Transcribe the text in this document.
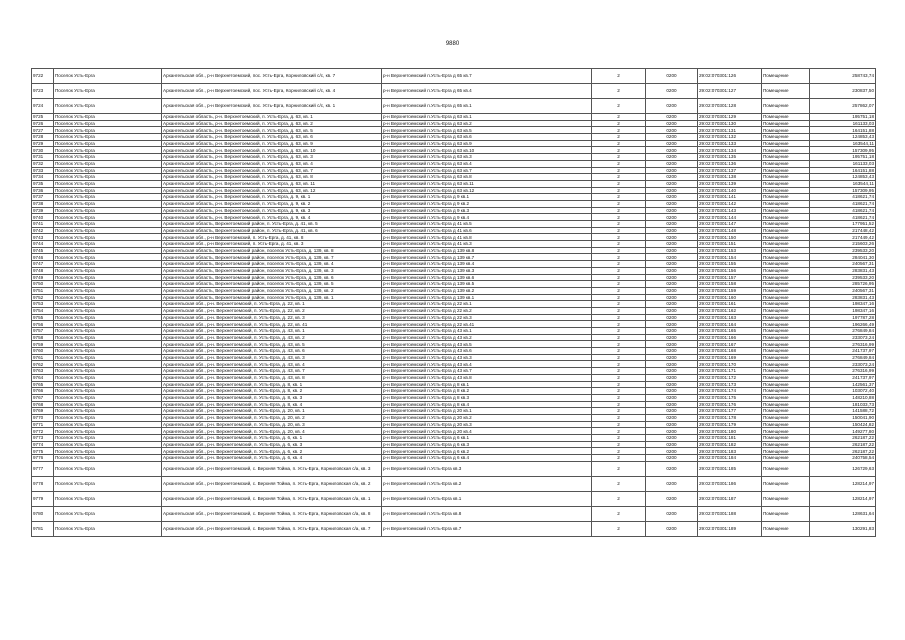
9880
9722	Поселок Усть-Ерга	Архангельская обл., р-н Верхнетоемский, пос. Усть-Ерга, Корниловский с/с, кв. 7	р-н Верхнетоемский п.Усть-Ерга д 65 кв.7	2	0200	29:02:070301:126	Помещение	258743,74
9723	Поселок Усть-Ерга	Архангельская обл., р-н Верхнетоемский, пос. Усть-Ерга, Корниловский с/с, кв. 4	р-н Верхнетоемский п.Усть-Ерга д 65 кв.4	2	0200	29:02:070301:127	Помещение	230837,50
9724	Поселок Усть-Ерга	Архангельская обл., р-н Верхнетоемский, пос. Усть-Ерга, Корниловский с/с, кв. 1	р-н Верхнетоемский п.Усть-Ерга д 65 кв.1	2	0200	29:02:070301:128	Помещение	257862,07
9725	Поселок Усть-Ерга	Архангельская область, р-н. Верхнетоемский, п. Усть-Ерга, д. 63, кв. 1	р-н Верхнетоемский п.Усть-Ерга д 63 кв.1	2	0200	29:02:070301:129	Помещение	195751,18
9726	Поселок Усть-Ерга	Архангельская область, р-н. Верхнетоемский, п. Усть-Ерга, д. 63, кв. 2	р-н Верхнетоемский п.Усть-Ерга д 63 кв.2	2	0200	29:02:070301:130	Помещение	161133,03
9727	Поселок Усть-Ерга	Архангельская область, р-н. Верхнетоемский, п. Усть-Ерга, д. 63, кв. 5	р-н Верхнетоемский п.Усть-Ерга д 63 кв.5	2	0200	29:02:070301:131	Помещение	164151,88
9728	Поселок Усть-Ерга	Архангельская область, р-н. Верхнетоемский, п. Усть-Ерга, д. 63, кв. 6	р-н Верхнетоемский п.Усть-Ерга д 63 кв.6	2	0200	29:02:070301:132	Помещение	124853,43
9729	Поселок Усть-Ерга	Архангельская область, р-н. Верхнетоемский, п. Усть-Ерга, д. 63, кв. 9	р-н Верхнетоемский п.Усть-Ерга д 63 кв.9	2	0200	29:02:070301:133	Помещение	163544,11
9730	Поселок Усть-Ерга	Архангельская область, р-н. Верхнетоемский, п. Усть-Ерга, д. 63, кв. 10	р-н Верхнетоемский п.Усть-Ерга д 63 кв.10	2	0200	29:02:070301:134	Помещение	157309,95
9731	Поселок Усть-Ерга	Архангельская область, р-н. Верхнетоемский, п. Усть-Ерга, д. 63, кв. 3	р-н Верхнетоемский п.Усть-Ерга д 63 кв.3	2	0200	29:02:070301:135	Помещение	195751,18
9732	Поселок Усть-Ерга	Архангельская область, р-н. Верхнетоемский, п. Усть-Ерга, д. 63, кв. 4	р-н Верхнетоемский п.Усть-Ерга д 63 кв.4	2	0200	29:02:070301:136	Помещение	161133,03
9733	Поселок Усть-Ерга	Архангельская область, р-н. Верхнетоемский, п. Усть-Ерга, д. 63, кв. 7	р-н Верхнетоемский п.Усть-Ерга д 63 кв.7	2	0200	29:02:070301:137	Помещение	164151,88
9734	Поселок Усть-Ерга	Архангельская область, р-н. Верхнетоемский, п. Усть-Ерга, д. 63, кв. 8	р-н Верхнетоемский п.Усть-Ерга д 63 кв.8	2	0200	29:02:070301:138	Помещение	124853,43
9735	Поселок Усть-Ерга	Архангельская область, р-н. Верхнетоемский, п. Усть-Ерга, д. 63, кв. 11	р-н Верхнетоемский п.Усть-Ерга д 63 кв.11	2	0200	29:02:070301:139	Помещение	163544,11
9736	Поселок Усть-Ерга	Архангельская область, р-н. Верхнетоемский, п. Усть-Ерга, д. 63, кв. 12	р-н Верхнетоемский п.Усть-Ерга д 63 кв.12	2	0200	29:02:070301:140	Помещение	157309,95
9737	Поселок Усть-Ерга	Архангельская область, р-н. Верхнетоемский, п. Усть-Ерга, д. 9, кв. 1	р-н Верхнетоемский п.Усть-Ерга д 9 кв.1	2	0200	29:02:070301:141	Помещение	418621,74
9738	Поселок Усть-Ерга	Архангельская область, р-н. Верхнетоемский, п. Усть-Ерга, д. 9, кв. 2	р-н Верхнетоемский п.Усть-Ерга д 9 кв.2	2	0200	29:02:070301:142	Помещение	418621,74
9739	Поселок Усть-Ерга	Архангельская область, р-н. Верхнетоемский, п. Усть-Ерга, д. 9, кв. 3	р-н Верхнетоемский п.Усть-Ерга д 9 кв.3	2	0200	29:02:070301:143	Помещение	418621,74
9740	Поселок Усть-Ерга	Архангельская область, р-н. Верхнетоемский, п. Усть-Ерга, д. 9, кв. 4	р-н Верхнетоемский п.Усть-Ерга д 9 кв.4	2	0200	29:02:070301:144	Помещение	418621,74
9741	Поселок Усть-Ерга	Архангельская область, Верхнетоемский район, п. Усть-Ерга, д. 41, кв. 5	р-н Верхнетоемский п.Усть-Ерга д 41 кв.5	2	0200	29:02:070301:147	Помещение	177951,52
9742	Поселок Усть-Ерга	Архангельская область, Верхнетоемский район, п. Усть-Ерга, д. 41, кв. 6	р-н Верхнетоемский п.Усть-Ерга д 41 кв.6	2	0200	29:02:070301:148	Помещение	217448,42
9743	Поселок Усть-Ерга	Архангельская обл., р-н Верхнетоемский, п. Усть-Ерга, д. 41, кв. 8	р-н Верхнетоемский п.Усть-Ерга д 41 кв.8	2	0200	29:02:070301:150	Помещение	217449,42
9744	Поселок Усть-Ерга	Архангельская обл., р-н Верхнетоемский, п. Усть-Ерга, д. 41, кв. 3	р-н Верхнетоемский п.Усть-Ерга д 41 кв.3	2	0200	29:02:070301:151	Помещение	215603,26
9745	Поселок Усть-Ерга	Архангельская область, Верхнетоемский район, поселок Усть-Ерга, д. 139, кв. 8	р-н Верхнетоемский п.Усть-Ерга д 139 кв.8	2	0200	29:02:070301:153	Помещение	239533,20
9746	Поселок Усть-Ерга	Архангельская область, Верхнетоемский район, поселок Усть-Ерга, д. 139, кв. 7	р-н Верхнетоемский п.Усть-Ерга д 139 кв.7	2	0200	29:02:070301:154	Помещение	284041,30
9747	Поселок Усть-Ерга	Архангельская область, Верхнетоемский район, поселок Усть-Ерга, д. 139, кв. 4	р-н Верхнетоемский п.Усть-Ерга д 139 кв.4	2	0200	29:02:070301:155	Помещение	240567,31
9748	Поселок Усть-Ерга	Архангельская область, Верхнетоемский район, поселок Усть-Ерга, д. 139, кв. 3	р-н Верхнетоемский п.Усть-Ерга д 139 кв.3	2	0200	29:02:070301:156	Помещение	283831,43
9749	Поселок Усть-Ерга	Архангельская область, Верхнетоемский район, поселок Усть-Ерга, д. 139, кв. 6	р-н Верхнетоемский п.Усть-Ерга д 139 кв.6	2	0200	29:02:070301:157	Помещение	239533,20
9750	Поселок Усть-Ерга	Архангельская область, Верхнетоемский район, поселок Усть-Ерга, д. 139, кв. 5	р-н Верхнетоемский п.Усть-Ерга д 139 кв.5	2	0200	29:02:070301:158	Помещение	285726,95
9751	Поселок Усть-Ерга	Архангельская область, Верхнетоемский район, поселок Усть-Ерга, д. 139, кв. 2	р-н Верхнетоемский п.Усть-Ерга д 139 кв.2	2	0200	29:02:070301:159	Помещение	240567,31
9752	Поселок Усть-Ерга	Архангельская область, Верхнетоемский район, поселок Усть-Ерга, д. 139, кв. 1	р-н Верхнетоемский п.Усть-Ерга д 139 кв.1	2	0200	29:02:070301:160	Помещение	283831,43
9753	Поселок Усть-Ерга	Архангельская обл., р-н. Верхнетоемский, п. Усть-Ерга, д. 22, кв. 1	р-н Верхнетоемский п.Усть-Ерга д 22 кв.1	2	0200	29:02:070301:161	Помещение	198347,16
9754	Поселок Усть-Ерга	Архангельская обл., р-н. Верхнетоемский, п. Усть-Ерга, д. 22, кв. 2	р-н Верхнетоемский п.Усть-Ерга д 22 кв.2	2	0200	29:02:070301:162	Помещение	198347,16
9755	Поселок Усть-Ерга	Архангельская обл., р-н. Верхнетоемский, п. Усть-Ерга, д. 22, кв. 3	р-н Верхнетоемский п.Усть-Ерга д 22 кв.3	2	0200	29:02:070301:163	Помещение	197787,28
9756	Поселок Усть-Ерга	Архангельская обл., р-н. Верхнетоемский, п. Усть-Ерга, д. 22, кв. 41	р-н Верхнетоемский п.Усть-Ерга д 22 кв.41	2	0200	29:02:070301:164	Помещение	196266,49
9757	Поселок Усть-Ерга	Архангельская обл., р-н. Верхнетоемский, п. Усть-Ерга, д. 43, кв. 1	р-н Верхнетоемский п.Усть-Ерга д 43 кв.1	2	0200	29:02:070301:165	Помещение	276849,84
9758	Поселок Усть-Ерга	Архангельская обл., р-н. Верхнетоемский, п. Усть-Ерга, д. 43, кв. 2	р-н Верхнетоемский п.Усть-Ерга д 43 кв.2	2	0200	29:02:070301:166	Помещение	233073,24
9759	Поселок Усть-Ерга	Архангельская обл., р-н. Верхнетоемский, п. Усть-Ерга, д. 43, кв. 5	р-н Верхнетоемский п.Усть-Ерга д 43 кв.5	2	0200	29:02:070301:167	Помещение	276316,99
9760	Поселок Усть-Ерга	Архангельская обл., р-н. Верхнетоемский, п. Усть-Ерга, д. 43, кв. 6	р-н Верхнетоемский п.Усть-Ерга д 43 кв.6	2	0200	29:02:070301:168	Помещение	241737,97
9761	Поселок Усть-Ерга	Архангельская обл., р-н. Верхнетоемский, п. Усть-Ерга, д. 43, кв. 3	р-н Верхнетоемский п.Усть-Ерга д 43 кв.3	2	0200	29:02:070301:169	Помещение	276849,84
9762	Поселок Усть-Ерга	Архангельская обл., р-н. Верхнетоемский, п. Усть-Ерга, д. 43, кв. 4	р-н Верхнетоемский п.Усть-Ерга д 43 кв.4	2	0200	29:02:070301:170	Помещение	233073,24
9763	Поселок Усть-Ерга	Архангельская обл., р-н. Верхнетоемский, п. Усть-Ерга, д. 43, кв. 7	р-н Верхнетоемский п.Усть-Ерга д 43 кв.7	2	0200	29:02:070301:171	Помещение	276316,99
9764	Поселок Усть-Ерга	Архангельская обл., р-н. Верхнетоемский, п. Усть-Ерга, д. 43, кв. 8	р-н Верхнетоемский п.Усть-Ерга д 43 кв.8	2	0200	29:02:070301:172	Помещение	241737,97
9765	Поселок Усть-Ерга	Архангельская обл., р-н. Верхнетоемский, п. Усть-Ерга, д. 8, кв. 1	р-н Верхнетоемский п.Усть-Ерга д 8 кв.1	2	0200	29:02:070301:173	Помещение	142561,37
9766	Поселок Усть-Ерга	Архангельская обл., р-н. Верхнетоемский, п. Усть-Ерга, д. 8, кв. 2	р-н Верхнетоемский п.Усть-Ерга д 8 кв.2	2	0200	29:02:070301:174	Помещение	103072,40
9767	Поселок Усть-Ерга	Архангельская обл., р-н. Верхнетоемский, п. Усть-Ерга, д. 8, кв. 3	р-н Верхнетоемский п.Усть-Ерга д 8 кв.3	2	0200	29:02:070301:175	Помещение	148210,88
9768	Поселок Усть-Ерга	Архангельская обл., р-н. Верхнетоемский, п. Усть-Ерга, д. 8, кв. 4	р-н Верхнетоемский п.Усть-Ерга д 8 кв.4	2	0200	29:02:070301:176	Помещение	181033,73
9769	Поселок Усть-Ерга	Архангельская обл., р-н. Верхнетоемский, п. Усть-Ерга, д. 20, кв. 1	р-н Верхнетоемский п.Усть-Ерга д 20 кв.1	2	0200	29:02:070301:177	Помещение	141588,72
9770	Поселок Усть-Ерга	Архангельская обл., р-н. Верхнетоемский, п. Усть-Ерга, д. 20, кв. 2	р-н Верхнетоемский п.Усть-Ерга д 20 кв.2	2	0200	29:02:070301:178	Помещение	150041,90
9771	Поселок Усть-Ерга	Архангельская обл., р-н. Верхнетоемский, п. Усть-Ерга, д. 20, кв. 3	р-н Верхнетоемский п.Усть-Ерга д 20 кв.3	2	0200	29:02:070301:179	Помещение	150424,82
9772	Поселок Усть-Ерга	Архангельская обл., р-н. Верхнетоемский, п. Усть-Ерга, д. 20, кв. 4	р-н Верхнетоемский п.Усть-Ерга д 20 кв.4	2	0200	29:02:070301:180	Помещение	149277,80
9773	Поселок Усть-Ерга	Архангельская обл., р-н. Верхнетоемский, п. Усть-Ерга, д. 6, кв. 1	р-н Верхнетоемский п.Усть-Ерга д 6 кв.1	2	0200	29:02:070301:181	Помещение	262187,22
9774	Поселок Усть-Ерга	Архангельская обл., р-н. Верхнетоемский, п. Усть-Ерга, д. 6, кв. 3	р-н Верхнетоемский п.Усть-Ерга д 6 кв.3	2	0200	29:02:070301:182	Помещение	262187,22
9775	Поселок Усть-Ерга	Архангельская обл., р-н. Верхнетоемский, п. Усть-Ерга, д. 6, кв. 2	р-н Верхнетоемский п.Усть-Ерга д 6 кв.2	2	0200	29:02:070301:183	Помещение	262187,22
9776	Поселок Усть-Ерга	Архангельская обл., р-н. Верхнетоемский, п. Усть-Ерга, д. 6, кв. 4	р-н Верхнетоемский п.Усть-Ерга д 6 кв.4	2	0200	29:02:070301:184	Помещение	240758,54
9777	Поселок Усть-Ерга	Архангельская обл., р-н Верхнетоемский, с. Верхняя Тойма, п. Усть-Ерга, Корниловская с/а, кв. 3	р-н Верхнетоемский п.Усть-Ерга кв.3	2	0200	29:02:070301:185	Помещение	126729,63
9778	Поселок Усть-Ерга	Архангельская обл., р-н Верхнетоемский, с. Верхняя Тойма, п. Усть-Ерга, Корниловская с/а, кв. 2	р-н Верхнетоемский п.Усть-Ерга кв.2	2	0200	29:02:070301:186	Помещение	128214,97
9779	Поселок Усть-Ерга	Архангельская обл., р-н Верхнетоемский, с. Верхняя Тойма, п. Усть-Ерга, Корниловская с/а, кв. 1	р-н Верхнетоемский п.Усть-Ерга кв.1	2	0200	29:02:070301:187	Помещение	128214,97
9780	Поселок Усть-Ерга	Архангельская обл., р-н Верхнетоемский, с. Верхняя Тойма, п. Усть-Ерга, Корниловская с/а, кв. 8	р-н Верхнетоемский п.Усть-Ерга кв.8	2	0200	29:02:070301:188	Помещение	128631,64
9781	Поселок Усть-Ерга	Архангельская обл., р-н Верхнетоемский, с. Верхняя Тойма, п. Усть-Ерга, Корниловская с/а, кв. 7	р-н Верхнетоемский п.Усть-Ерга кв.7	2	0200	29:02:070301:189	Помещение	130291,83
